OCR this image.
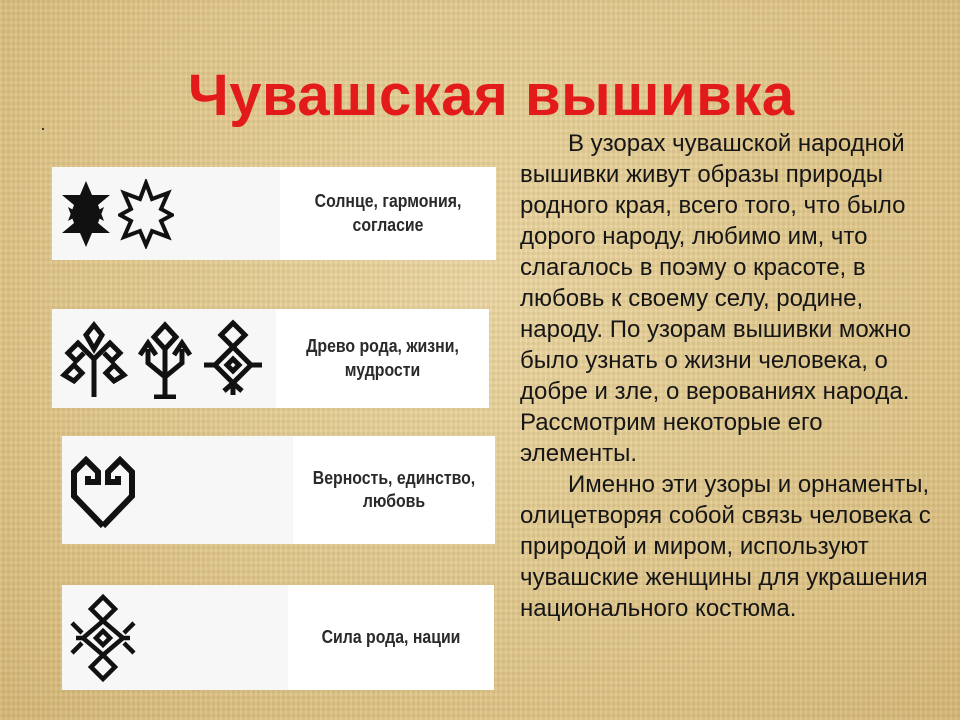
Чувашская вышивка
·
Солнце, гармония,
согласие
Древо рода, жизни,
мудрости
Верность, единство,
любовь
Сила рода, нации

В узорах чувашской народной вышивки живут образы природы родного края, всего того, что было дорого народу, любимо им, что слагалось в поэму о красоте, в любовь к своему селу, родине, народу. По узорам вышивки можно было узнать о жизни человека, о добре и зле, о верованиях народа. Рассмотрим некоторые его элементы.

Именно эти узоры и орнаменты, олицетворяя собой связь человека с природой и миром, используют чувашские женщины для украшения национального костюма.
